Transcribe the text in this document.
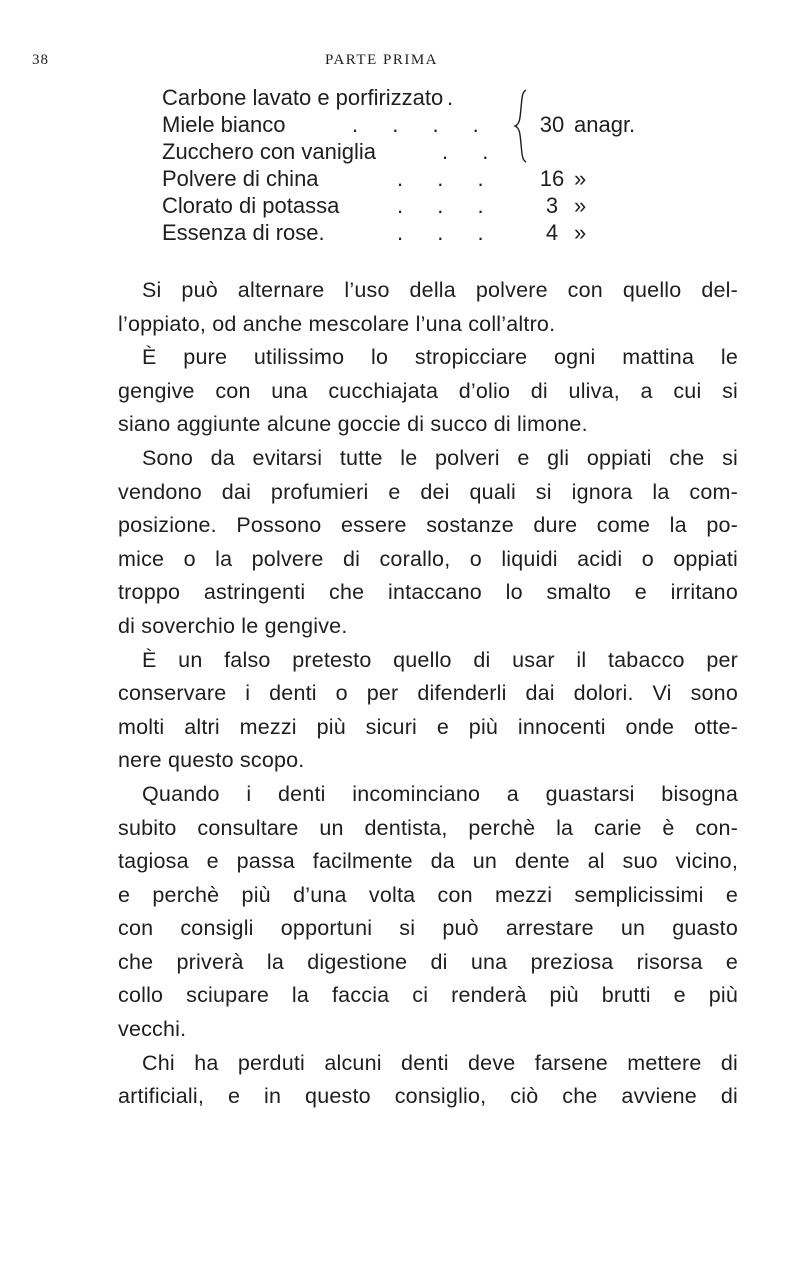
38	PARTE PRIMA
Carbone lavato e porfirizzato .
Miele bianco	. . . . 30 anagr.
Zucchero con vaniglia	. .
Polvere di china	. . . 16 »
Clorato di potassa	. . .	3 »
Essenza di rose.	. . .	4 »
Si può alternare l’uso della polvere con quello del-
l’oppiato, od anche mescolare l’una coll’altro.
È pure utilissimo lo stropicciare ogni mattina le
gengive con una cucchiajata d’olio di uliva, a cui si
siano aggiunte alcune goccie di succo di limone.
Sono da evitarsi tutte le polveri e gli oppiati che si
vendono dai profumieri e dei quali si ignora la com-
posizione. Possono essere sostanze dure come la po-
mice o la polvere di corallo, o liquidi acidi o oppiati
troppo astringenti che intaccano lo smalto e irritano
di soverchio le gengive.
È un falso pretesto quello di usar il tabacco per
conservare i denti o per difenderli dai dolori. Vi sono
molti altri mezzi più sicuri e più innocenti onde otte-
nere questo scopo.
Quando i denti incominciano a guastarsi bisogna
subito consultare un dentista, perchè la carie è con-
tagiosa e passa facilmente da un dente al suo vicino,
e perchè più d’una volta con mezzi semplicissimi e
con consigli opportuni si può arrestare un guasto
che priverà la digestione di una preziosa risorsa e
collo sciupare la faccia ci renderà più brutti e più
vecchi.
Chi ha perduti alcuni denti deve farsene mettere di
artificiali, e in questo consiglio, ciò che avviene di
